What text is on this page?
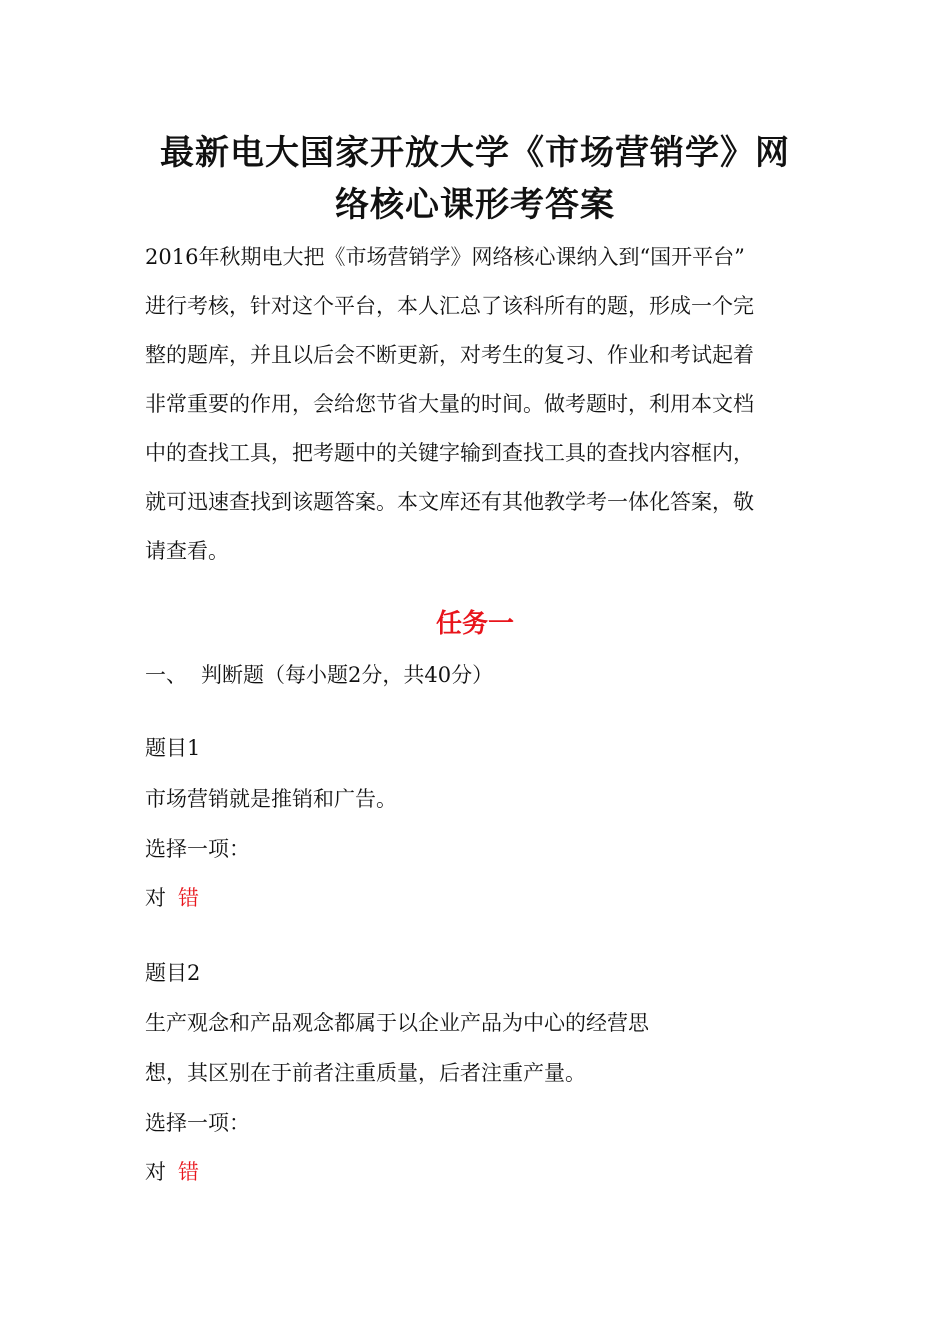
最新电大国家开放大学《市场营销学》网
络核心课形考答案

2016年秋期电大把《市场营销学》网络核心课纳入到“国开平台”
进行考核，针对这个平台，本人汇总了该科所有的题，形成一个完
整的题库，并且以后会不断更新，对考生的复习、作业和考试起着
非常重要的作用，会给您节省大量的时间。做考题时，利用本文档
中的查找工具，把考题中的关键字输到查找工具的查找内容框内，
就可迅速查找到该题答案。本文库还有其他教学考一体化答案，敬
请查看。

任务一

一、 判断题（每小题2分，共40分）

题目1

市场营销就是推销和广告。

选择一项：

对 错

题目2

生产观念和产品观念都属于以企业产品为中心的经营思

想，其区别在于前者注重质量，后者注重产量。

选择一项：

对 错
